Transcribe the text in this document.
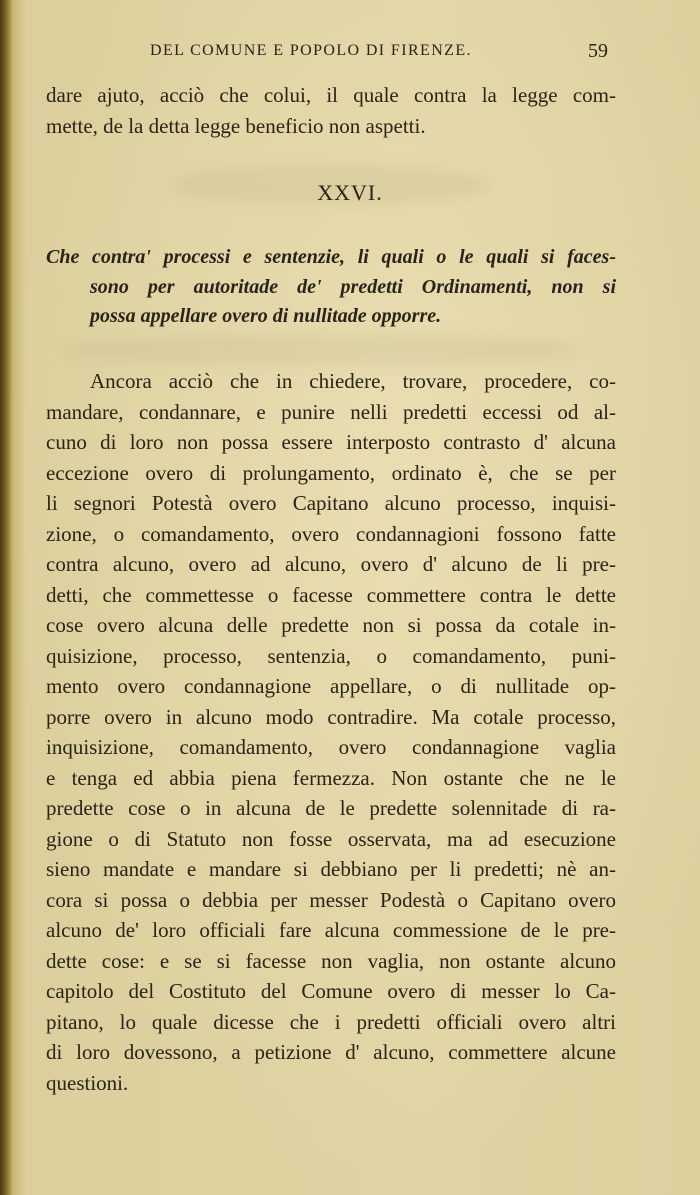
DEL COMUNE E POPOLO DI FIRENZE.	59
dare ajuto, acciò che colui, il quale contra la legge com-
mette, de la detta legge beneficio non aspetti.
XXVI.
Che contra' processi e sentenzie, li quali o le quali si faces-
sono per autoritade de' predetti Ordinamenti, non si
possa appellare overo di nullitade opporre.
Ancora acciò che in chiedere, trovare, procedere, co-
mandare, condannare, e punire nelli predetti eccessi od al-
cuno di loro non possa essere interposto contrasto d' alcuna
eccezione overo di prolungamento, ordinato è, che se per
li segnori Potestà overo Capitano alcuno processo, inquisi-
zione, o comandamento, overo condannagioni fossono fatte
contra alcuno, overo ad alcuno, overo d' alcuno de li pre-
detti, che commettesse o facesse commettere contra le dette
cose overo alcuna delle predette non si possa da cotale in-
quisizione, processo, sentenzia, o comandamento, puni-
mento overo condannagione appellare, o di nullitade op-
porre overo in alcuno modo contradire. Ma cotale processo,
inquisizione, comandamento, overo condannagione vaglia
e tenga ed abbia piena fermezza. Non ostante che ne le
predette cose o in alcuna de le predette solennitade di ra-
gione o di Statuto non fosse osservata, ma ad esecuzione
sieno mandate e mandare si debbiano per li predetti; nè an-
cora si possa o debbia per messer Podestà o Capitano overo
alcuno de' loro officiali fare alcuna commessione de le pre-
dette cose: e se si facesse non vaglia, non ostante alcuno
capitolo del Costituto del Comune overo di messer lo Ca-
pitano, lo quale dicesse che i predetti officiali overo altri
di loro dovessono, a petizione d' alcuno, commettere alcune
questioni.
